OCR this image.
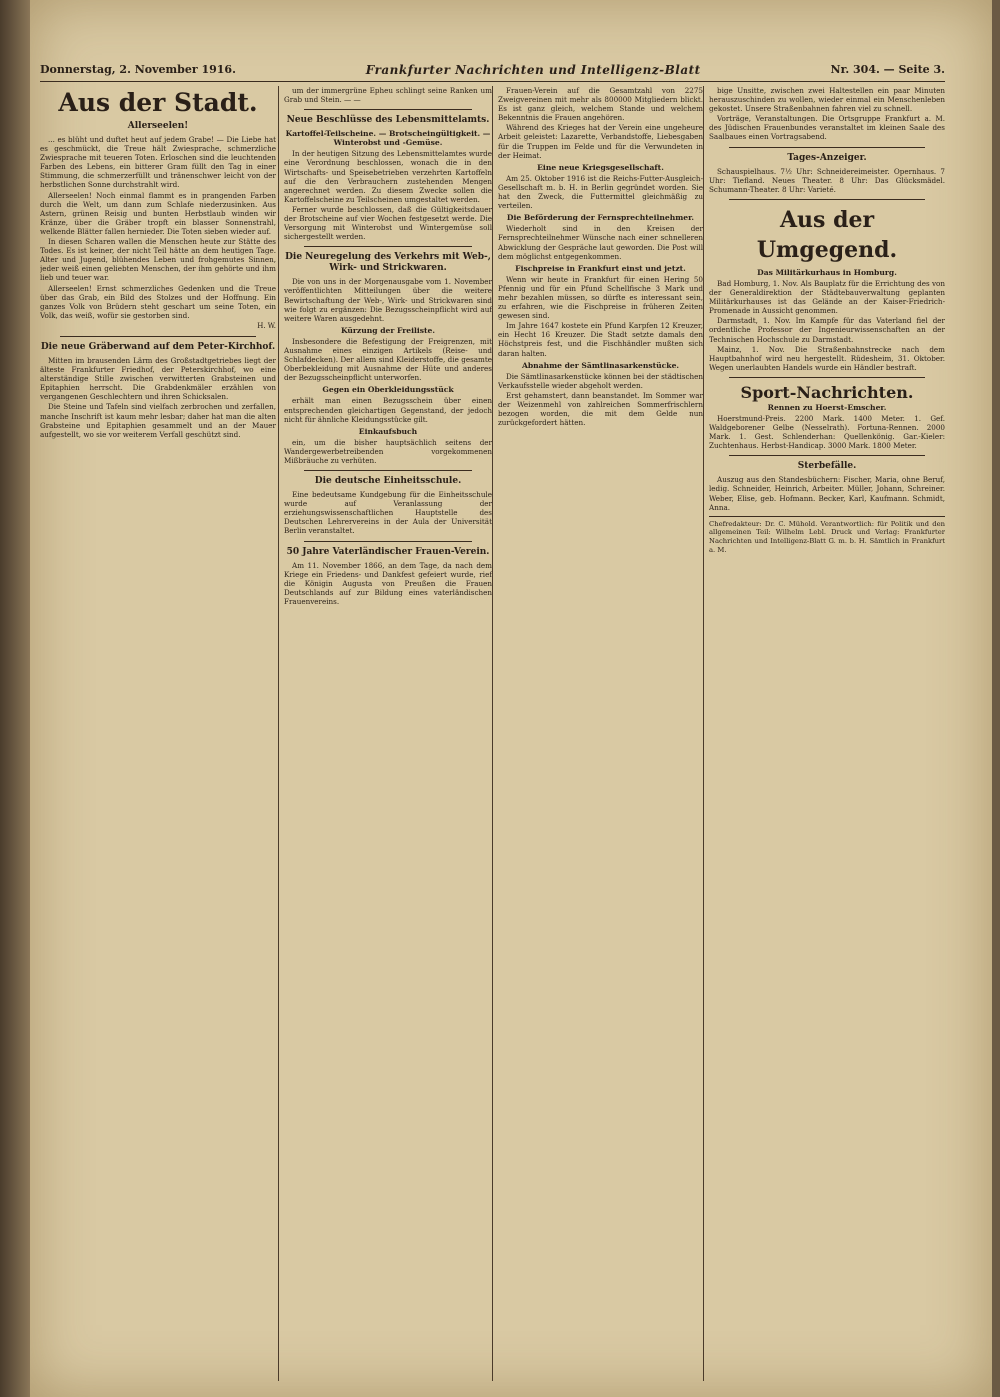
Donnerstag, 2. November 1916.	Frankfurter Nachrichten und Intelligenz-Blatt	Nr. 304. — Seite 3.
Aus der Stadt.
Allerseelen!

... es blüht und duftet heut auf jedem Grabe! — Die Liebe hat es geschmückt, die Treue hält Zwiesprache, schmerzliche Zwiesprache mit teueren Toten. Erloschen sind die leuchtenden Farben des Lebens, ein bitterer Gram füllt den Tag in einer Stimmung, die schmerzerfüllt und tränenschwer leicht von der herbstlichen Sonne durchstrahlt wird.

Allerseelen! Noch einmal flammt es in prangenden Farben durch die Welt, um dann zum Schlafe niederzusinken. Aus Astern, grünen Reisig und bunten Herbstlaub winden wir Kränze, über die Gräber tropft ein blasser Sonnenstrahl, welkende Blätter fallen hernieder. Die Toten sieben wieder auf.

In diesen Scharen wallen die Menschen heute zur Stätte des Todes. Es ist keiner, der nicht Teil hätte an dem heutigen Tage. Alter und Jugend, blühendes Leben und frohgemutes Sinnen, jeder weiß einen geliebten Menschen, der ihm gehörte und ihm lieb und teuer war.

Allerseelen! Ernst schmerzliches Gedenken und die Treue über das Grab, ein Bild des Stolzes und der Hoffnung. Ein ganzes Volk von Brüdern steht geschart um seine Toten, ein Volk, das weiß, wofür sie gestorben sind.

H. W.
Die neue Gräberwand auf dem Peter-Kirchhof.

Mitten im brausenden Lärm des Großstadtgetriebes liegt der älteste Frankfurter Friedhof, der Peterskirchhof, wo eine alterständige Stille zwischen verwitterten Grabsteinen und Epitaphien herrscht. Die Grabdenkmäler erzählen von vergangenen Geschlechtern und ihren Schicksalen.

Die Steine und Tafeln sind vielfach zerbrochen und zerfallen, manche Inschrift ist kaum mehr lesbar; daher hat man die alten Grabsteine und Epitaphien gesammelt und an der Mauer aufgestellt, wo sie vor weiterem Verfall geschützt sind.

um der immergrüne Epheu schlingt seine Ranken um Grab und Stein. — —

Neue Beschlüsse des Lebensmittelamts.
Kartoffel-Teilscheine. — Brotscheingültigkeit. — Winterobst und -Gemüse.

In der heutigen Sitzung des Lebensmittelamtes wurde eine Verordnung beschlossen, wonach die in den Wirtschafts- und Speisebetrieben verzehrten Kartoffeln auf die den Verbrauchern zustehenden Mengen angerechnet werden. Zu diesem Zwecke sollen die Kartoffelscheine zu Teilscheinen umgestaltet werden.

Ferner wurde beschlossen, daß die Gültigkeitsdauer der Brotscheine auf vier Wochen festgesetzt werde. Die Versorgung mit Winterobst und Wintergemüse soll sichergestellt werden.

Die Neuregelung des Verkehrs mit Web-, Wirk- und Strickwaren.

Die von uns in der Morgenausgabe vom 1. November veröffentlichten Mitteilungen über die weitere Bewirtschaftung der Web-, Wirk- und Strickwaren sind wie folgt zu ergänzen: Die Bezugsscheinpflicht wird auf weitere Waren ausgedehnt.

Kürzung der Freiliste.

Insbesondere die Befestigung der Freigrenzen, mit Ausnahme eines einzigen Artikels (Reise- und Schlafdecken). Der allem sind Kleiderstoffe, die gesamte Oberbekleidung mit Ausnahme der Hüte und anderes der Bezugsscheinpflicht unterworfen.

Gegen ein Oberkleidungsstück

erhält man einen Bezugsschein über einen entsprechenden gleichartigen Gegenstand, der jedoch nicht für ähnliche Kleidungsstücke gilt.

Einkaufsbuch

ein, um die bisher hauptsächlich seitens der Wandergewerbetreibenden vorgekommenen Mißbräuche zu verhüten.

Die deutsche Einheitsschule.

Eine bedeutsame Kundgebung für die Einheitsschule wurde auf Veranlassung der erziehungswissenschaftlichen Hauptstelle des Deutschen Lehrervereins in der Aula der Universität Berlin veranstaltet.

50 Jahre Vaterländischer Frauen-Verein.

Am 11. November 1866, an dem Tage, da nach dem Kriege ein Friedens- und Dankfest gefeiert wurde, rief die Königin Augusta von Preußen die Frauen Deutschlands auf zur Bildung eines vaterländischen Frauenvereins.

Frauen-Verein auf die Gesamtzahl von 2275 Zweigvereinen mit mehr als 800000 Mitgliedern blickt. Es ist ganz gleich, welchem Stande und welchem Bekenntnis die Frauen angehören.

Während des Krieges hat der Verein eine ungeheure Arbeit geleistet: Lazarette, Verbandstoffe, Liebesgaben für die Truppen im Felde und für die Verwundeten in der Heimat.

Eine neue Kriegsgesellschaft.

Am 25. Oktober 1916 ist die Reichs-Futter-Ausgleich-Gesellschaft m. b. H. in Berlin gegründet worden. Sie hat den Zweck, die Futtermittel gleichmäßig zu verteilen.

Die Beförderung der Fernsprechteilnehmer.

Wiederholt sind in den Kreisen der Fernsprechteilnehmer Wünsche nach einer schnelleren Abwicklung der Gespräche laut geworden. Die Post will dem möglichst entgegenkommen.

Fischpreise in Frankfurt einst und jetzt.

Wenn wir heute in Frankfurt für einen Hering 50 Pfennig und für ein Pfund Schellfische 3 Mark und mehr bezahlen müssen, so dürfte es interessant sein, zu erfahren, wie die Fischpreise in früheren Zeiten gewesen sind.

Im Jahre 1647 kostete ein Pfund Karpfen 12 Kreuzer, ein Hecht 16 Kreuzer. Die Stadt setzte damals den Höchstpreis fest, und die Fischhändler mußten sich daran halten.

Abnahme der Sämtlinasarkenstücke.

Die Sämtlinasarkenstücke können bei der städtischen Verkaufsstelle wieder abgeholt werden.

Erst gehamstert, dann beanstandet. Im Sommer war der Weizenmehl von zahlreichen Sommerfrischlern bezogen worden, die mit dem Gelde nun zurückgefordert hätten.

bige Unsitte, zwischen zwei Haltestellen ein paar Minuten herauszuschinden zu wollen, wieder einmal ein Menschenleben gekostet. Unsere Straßenbahnen fahren viel zu schnell.

Vorträge, Veranstaltungen. Die Ortsgruppe Frankfurt a. M. des Jüdischen Frauenbundes veranstaltet im kleinen Saale des Saalbaues einen Vortragsabend.

Tages-Anzeiger.

Schauspielhaus. 7½ Uhr: Schneidereimeister. Opernhaus. 7 Uhr: Tiefland. Neues Theater. 8 Uhr: Das Glücksmädel. Schumann-Theater. 8 Uhr: Varieté.

Aus der Umgegend.
Das Militärkurhaus in Homburg.

Bad Homburg, 1. Nov. Als Bauplatz für die Errichtung des von der Generaldirektion der Städtebauverwaltung geplanten Militärkurhauses ist das Gelände an der Kaiser-Friedrich-Promenade in Aussicht genommen.

Darmstadt, 1. Nov. Im Kampfe für das Vaterland fiel der ordentliche Professor der Ingenieurwissenschaften an der Technischen Hochschule zu Darmstadt.

Mainz, 1. Nov. Die Straßenbahnstrecke nach dem Hauptbahnhof wird neu hergestellt. Rüdesheim, 31. Oktober. Wegen unerlaubten Handels wurde ein Händler bestraft.

Sport-Nachrichten.
Rennen zu Hoerst-Emscher.

Hoerstmund-Preis. 2200 Mark. 1400 Meter. 1. Gef. Waldgeborener Gelbe (Nesselrath). Fortuna-Rennen. 2000 Mark. 1. Gest. Schlenderhan: Quellenkönig. Gar.-Kieler: Zuchtenhaus. Herbst-Handicap. 3000 Mark. 1800 Meter.

Sterbefälle.

Auszug aus den Standesbüchern: Fischer, Maria, ohne Beruf, ledig. Schneider, Heinrich, Arbeiter. Müller, Johann, Schreiner. Weber, Elise, geb. Hofmann. Becker, Karl, Kaufmann. Schmidt, Anna.

Chefredakteur: Dr. C. Mühold. Verantwortlich: für Politik und den allgemeinen Teil: Wilhelm Lebl. Druck und Verlag: Frankfurter Nachrichten und Intelligenz-Blatt G. m. b. H. Sämtlich in Frankfurt a. M.
